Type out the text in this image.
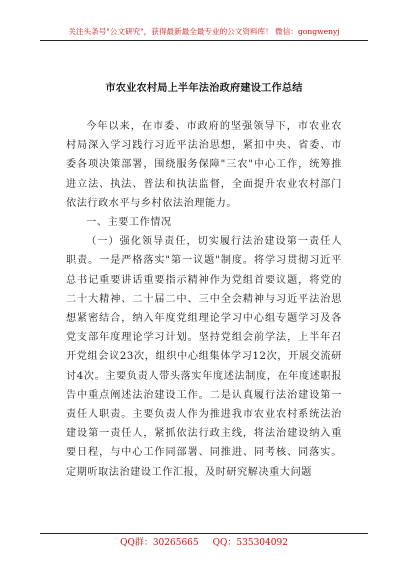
关注头条号"公文研究"，获得最新最全最专业的公文资料库！ 微信：gongwenyj
市农业农村局上半年法治政府建设工作总结

今年以来，在市委、市政府的坚强领导下，市农业农村局深入学习践行习近平法治思想，紧扣中央、省委、市委各项决策部署，围绕服务保障"三农"中心工作，统筹推进立法、执法、普法和执法监督，全面提升农业农村部门依法行政水平与乡村依法治理能力。

一、主要工作情况

（一）强化领导责任，切实履行法治建设第一责任人职责。一是严格落实"第一议题"制度。将学习贯彻习近平总书记重要讲话重要指示精神作为党组首要议题，将党的二十大精神、二十届二中、三中全会精神与习近平法治思想紧密结合，纳入年度党组理论学习中心组专题学习及各党支部年度理论学习计划。坚持党组会前学法，上半年召开党组会议23次，组织中心组集体学习12次，开展交流研讨4次。主要负责人带头落实年度述法制度，在年度述职报告中重点阐述法治建设工作。二是认真履行法治建设第一责任人职责。主要负责人作为推进我市农业农村系统法治建设第一责任人，紧抓依法行政主线，将法治建设纳入重要日程，与中心工作同部署、同推进、同考核、同落实。定期听取法治建设工作汇报，及时研究解决重大问题

QQ群：30265665 QQ：535304092
